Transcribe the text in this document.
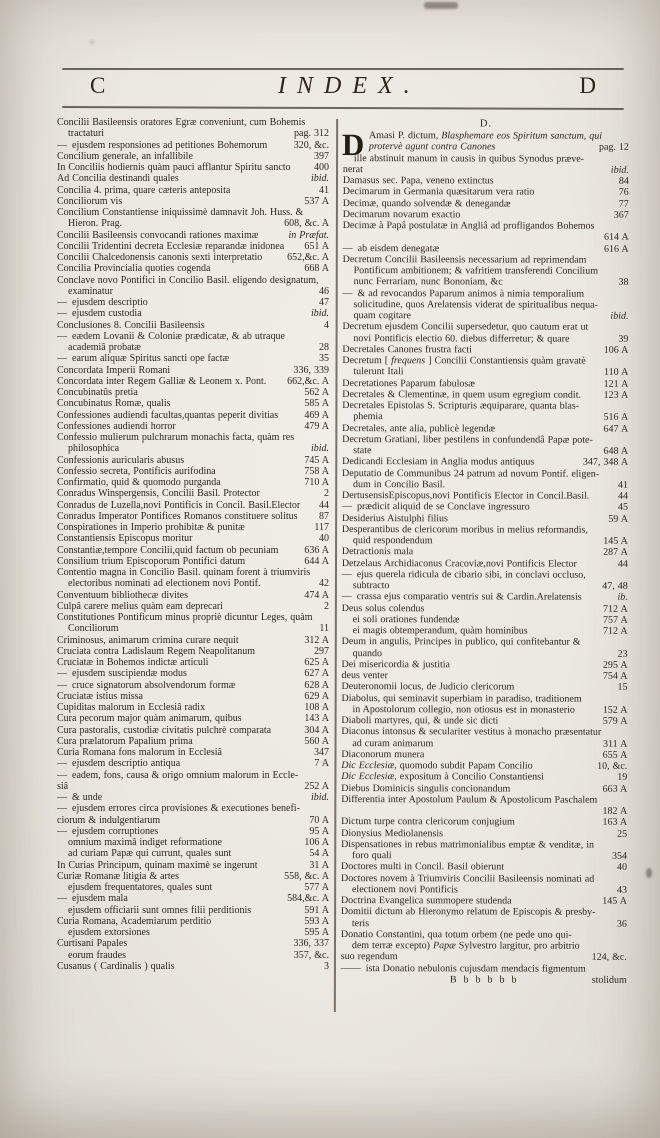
C	INDEX.	D
Concilii Basileensis oratores Egræ conveniunt, cum Bohemis
tractaturi	pag. 312
— ejusdem responsiones ad petitiones Bohemorum	320, &c.
Concilium generale, an infallibile	397
In Conciliis hodiernis quàm pauci afflantur Spiritu sancto	400
Ad Concilia destinandi quales	ibid.
Concilia 4. prima, quare cæteris anteposita	41
Conciliorum vis	537 A
Concilium Constantiense iniquissimè damnavit Joh. Huss. &
Hieron. Prag.	608, &c. A
Concilii Basileensis convocandi rationes maximæ	in Præfat.
Concilii Tridentini decreta Ecclesiæ reparandæ inidonea	651 A
Concilii Chalcedonensis canonis sexti interpretatio	652,&c. A
Concilia Provincialia quoties cogenda	668 A
Conclave novo Pontifici in Concilio Basil. eligendo designatum,
examinatur	46
— ejusdem descriptio	47
— ejusdem custodia	ibid.
Conclusiones 8. Concilii Basileensis	4
— eædem Lovanii & Coloniæ prædicatæ, & ab utraque
academiâ probatæ	28
— earum aliquæ Spiritus sancti ope factæ	35
Concordata Imperii Romani	336, 339
Concordata inter Regem Galliæ & Leonem x. Pont.	662,&c. A
Concubinatûs pretia	562 A
Concubinatus Romæ, qualis	585 A
Confessiones audiendi facultas,quantas peperit divitias	469 A
Confessiones audiendi horror	479 A
Confessio mulierum pulchrarum monachis facta, quàm res
philosophica	ibid.
Confessionis auricularis abusus	745 A
Confessio secreta, Pontificis aurifodina	758 A
Confirmatio, quid & quomodo purganda	710 A
Conradus Winspergensis, Concilii Basil. Protector	2
Conradus de Luzella,novi Pontificis in Concil. Basil.Elector	44
Conradus Imperator Pontifices Romanos constituere solitus	87
Conspirationes in Imperio prohibitæ & punitæ	117
Constantiensis Episcopus moritur	40
Constantiæ,tempore Concilii,quid factum ob pecuniam	636 A
Consilium trium Episcoporum Pontifici datum	644 A
Contentio magna in Concilio Basil. quinam forent à triumviris
electoribus nominati ad electionem novi Pontif.	42
Conventuum bibliothecæ divites	474 A
Culpâ carere melius quàm eam deprecari	2
Constitutiones Pontificum minus propriè dicuntur Leges, quàm
Conciliorum	11
Criminosus, animarum crimina curare nequit	312 A
Cruciata contra Ladislaum Regem Neapolitanum	297
Cruciatæ in Bohemos indictæ articuli	625 A
— ejusdem suscipiendæ modus	627 A
— cruce signatorum absolvendorum formæ	628 A
Cruciatæ istius missa	629 A
Cupiditas malorum in Ecclesiâ radix	108 A
Cura pecorum major quàm animarum, quibus	143 A
Cura pastoralis, custodiæ civitatis pulchrè comparata	304 A
Cura prælatorum Papalium prima	560 A
Curia Romana fons malorum in Ecclesiâ	347
— ejusdem descriptio antiqua	7 A
— eadem, fons, causa & origo omnium malorum in Eccle-
siâ	252 A
— & unde	ibid.
— ejusdem errores circa provisiones & executiones benefi-
ciorum & indulgentiarum	70 A
— ejusdem corruptiones	95 A
omnium maximâ indiget reformatione	106 A
ad curiam Papæ qui currunt, quales sunt	54 A
In Curias Principum, quinam maximè se ingerunt	31 A
Curiæ Romanæ litigia & artes	558, &c. A
ejusdem frequentatores, quales sunt	577 A
— ejusdem mala	584,&c. A
ejusdem officiarii sunt omnes filii perditionis	591 A
Curia Romana, Academiarum perditio	593 A
ejusdem extorsiones	595 A
Curtisani Papales	336, 337
eorum fraudes	357, &c.
Cusanus ( Cardinalis ) qualis	3
D.
D Amasi P. dictum, Blasphemare eos Spiritum sanctum, qui
protervè agunt contra Canones	pag. 12
ille abstinuit manum in causis in quibus Synodus præve-
nerat	ibid.
Damasus sec. Papa, veneno extinctus	84
Decimarum in Germania quæsitarum vera ratio	76
Decimæ, quando solvendæ & denegandæ	77
Decimarum novarum exactio	367
Decimæ à Papâ postulatæ in Angliâ ad profligandos Bohemos
614 A
— ab eisdem denegatæ	616 A
Decretum Concilii Basileensis necessarium ad reprimendam
Pontificum ambitionem; & vafritiem transferendi Concilium
nunc Ferrariam, nunc Bononiam, &c	38
— & ad revocandos Paparum animos à nimia temporalium
solicitudine, quos Arelatensis viderat de spiritualibus nequa-
quam cogitare	ibid.
Decretum ejusdem Concilii supersedetur, quo cautum erat ut
novi Pontificis electio 60. diebus differretur; & quare	39
Decretales Canones frustra facti	106 A
Decretum [ frequens ] Concilii Constantiensis quàm gravatè
tulerunt Itali	110 A
Decretationes Paparum fabulosæ	121 A
Decretales & Clementinæ, in quem usum egregium condit.	123 A
Decretales Epistolas S. Scripturis æquiparare, quanta blas-
phemia	516 A
Decretales, ante alia, publicè legendæ	647 A
Decretum Gratiani, liber pestilens in confundendâ Papæ pote-
state	648 A
Dedicandi Ecclesiam in Anglia modus antiquus	347, 348 A
Deputatio de Communibus 24 patrum ad novum Pontif. eligen-
dum in Concilio Basil.	41
DertusensisEpiscopus,novi Pontificis Elector in Concil.Basil.	44
— prædicit aliquid de se Conclave ingressuro	45
Desiderius Aistulphi filius	59 A
Desperantibus de clericorum moribus in melius reformandis,
quid respondendum	145 A
Detractionis mala	287 A
Detzelaus Archidiaconus Cracoviæ,novi Pontificis Elector	44
— ejus querela ridicula de cibario sibi, in conclavi occluso,
subtracto	47, 48
— crassa ejus comparatio ventris sui & Cardin.Arelatensis	ib.
Deus solus colendus	712 A
ei soli orationes fundendæ	757 A
ei magis obtemperandum, quàm hominibus	712 A
Deum in angulis, Principes in publico, qui confitebantur &
quando	23
Dei misericordia & justitia	295 A
deus venter	754 A
Deuteronomii locus, de Judicio clericorum	15
Diabolus, qui seminavit superbiam in paradiso, traditionem
in Apostolorum collegio, non otiosus est in monasterio	152 A
Diaboli martyres, qui, & unde sic dicti	579 A
Diaconus intonsus & seculariter vestitus à monacho præsentatur
ad curam animarum	311 A
Diaconorum munera	655 A
Dic Ecclesiæ, quomodo subdit Papam Concilio	10, &c.
Dic Ecclesiæ, expositum à Concilio Constantiensi	19
Diebus Dominicis singulis concionandum	663 A
Differentia inter Apostolum Paulum & Apostolicum Paschalem
182 A
Dictum turpe contra clericorum conjugium	163 A
Dionysius Mediolanensis	25
Dispensationes in rebus matrimonialibus emptæ & venditæ, in
foro quali	354
Doctores multi in Concil. Basil obierunt	40
Doctores novem à Triumviris Concilii Basileensis nominati ad
electionem novi Pontificis	43
Doctrina Evangelica summopere studenda	145 A
Domitii dictum ab Hieronymo relatum de Episcopis & presby-
teris	36
Donatio Constantini, qua totum orbem (ne pede uno qui-
dem terræ excepto) Papæ Sylvestro largitur, pro arbitrio
suo regendum	124, &c.
—— ista Donatio nebulonis cujusdam mendacis figmentum
B b b b b b	stolidum
